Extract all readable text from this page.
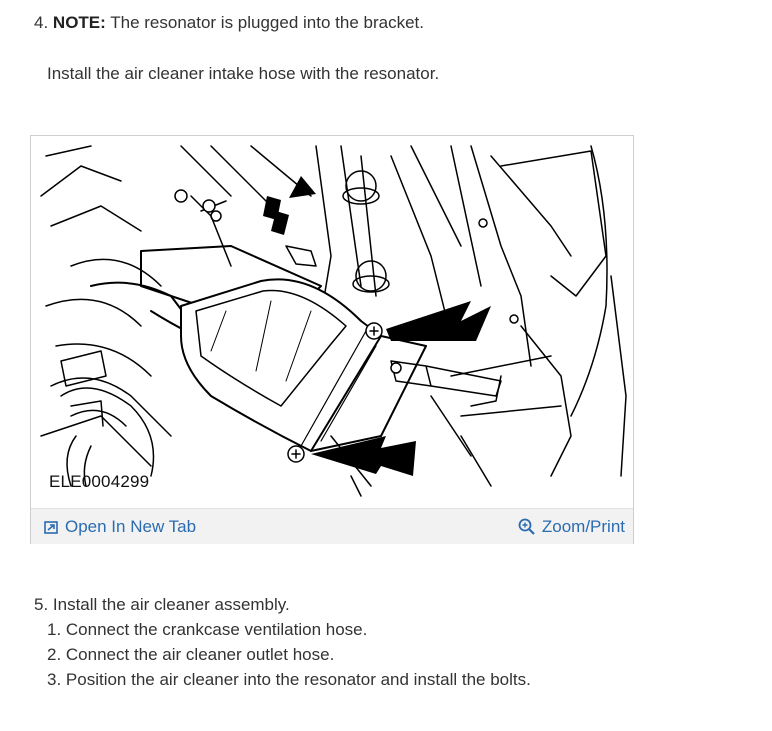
4. NOTE: The resonator is plugged into the bracket.
Install the air cleaner intake hose with the resonator.
ELE0004299
Open In New Tab	Zoom/Print
5. Install the air cleaner assembly.
1. Connect the crankcase ventilation hose.
2. Connect the air cleaner outlet hose.
3. Position the air cleaner into the resonator and install the bolts.
